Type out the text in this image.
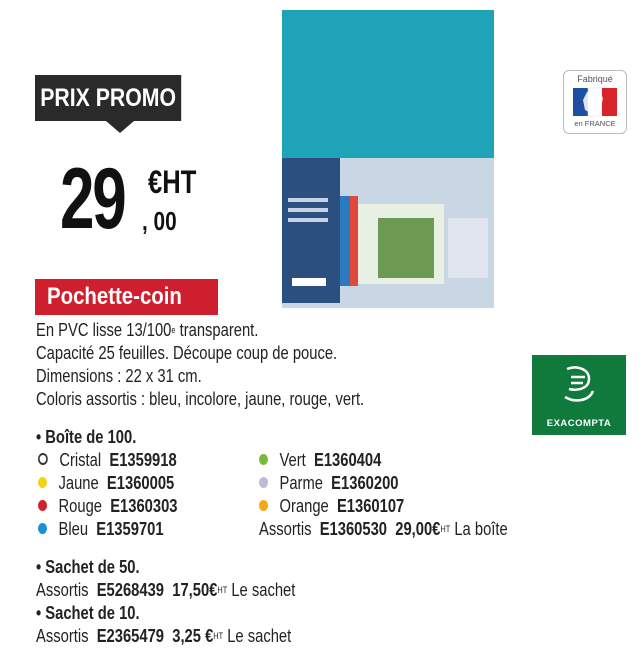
PRIX PROMO
29 €HT
, 00
Pochette-coin
Fabriqué
en FRANCE
EXACOMPTA
En PVC lisse 13/100e transparent.
Capacité 25 feuilles. Découpe coup de pouce.
Dimensions : 22 x 31 cm.
Coloris assortis : bleu, incolore, jaune, rouge, vert.
• Boîte de 100.
Cristal E1359918
Jaune E1360005
Rouge E1360303
Bleu E1359701
Vert E1360404
Parme E1360200
Orange E1360107
Assortis E1360530 29,00€$^{HT}$ La boîte
• Sachet de 50.
Assortis E5268439 17,50€$^{HT}$ Le sachet
• Sachet de 10.
Assortis E2365479 3,25 €$^{HT}$ Le sachet
